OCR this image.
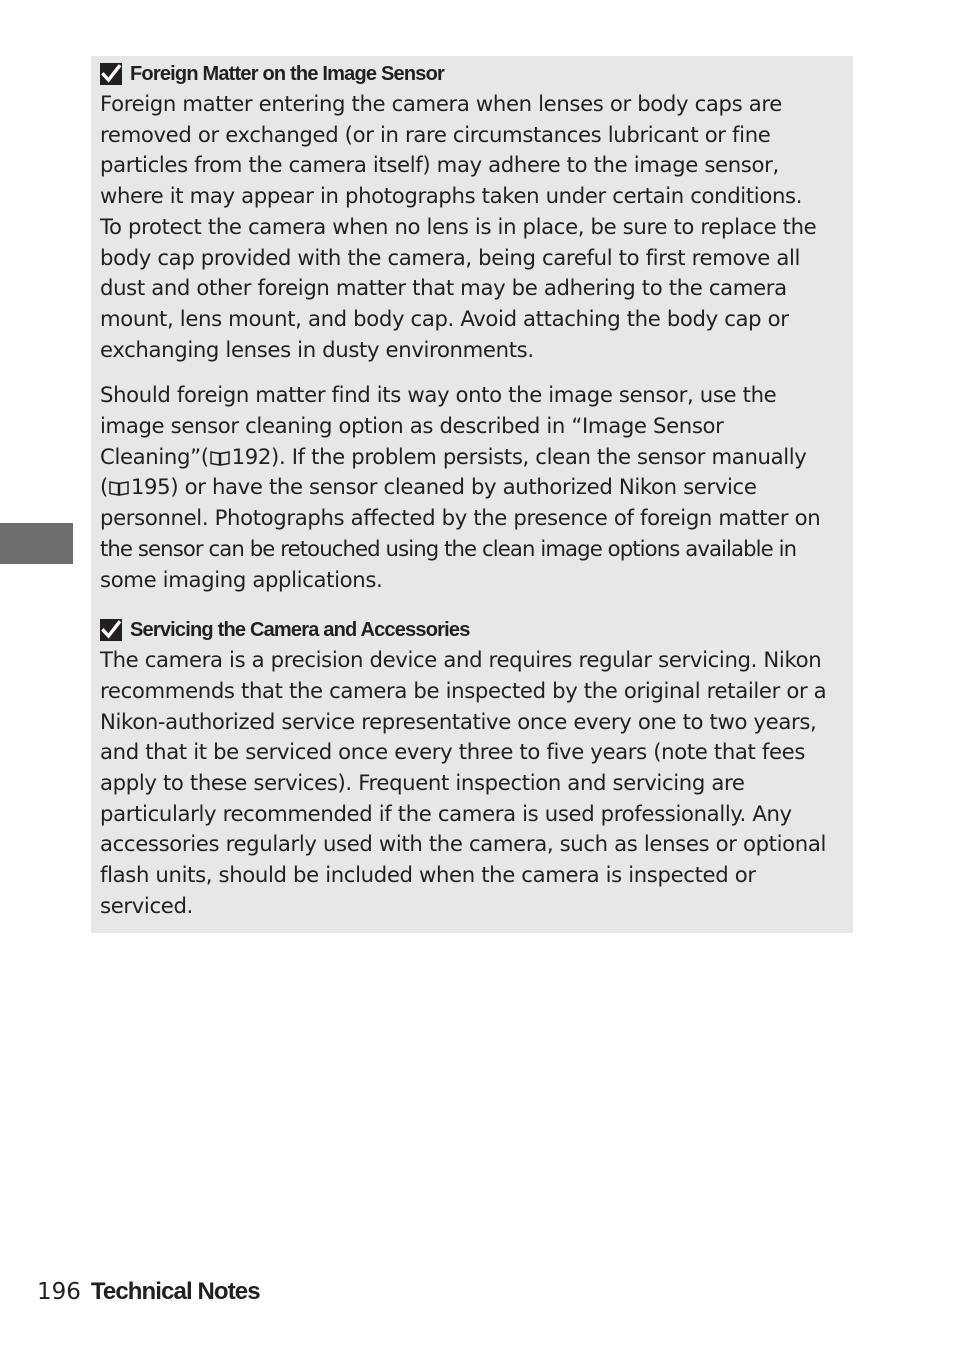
Foreign Matter on the Image Sensor

Foreign matter entering the camera when lenses or body caps are
removed or exchanged (or in rare circumstances lubricant or fine
particles from the camera itself) may adhere to the image sensor,
where it may appear in photographs taken under certain conditions.
To protect the camera when no lens is in place, be sure to replace the
body cap provided with the camera, being careful to first remove all
dust and other foreign matter that may be adhering to the camera
mount, lens mount, and body cap. Avoid attaching the body cap or
exchanging lenses in dusty environments.

Should foreign matter find its way onto the image sensor, use the
image sensor cleaning option as described in “Image Sensor
Cleaning”( 192). If the problem persists, clean the sensor manually
( 195) or have the sensor cleaned by authorized Nikon service
personnel. Photographs affected by the presence of foreign matter on
the sensor can be retouched using the clean image options available in
some imaging applications.

Servicing the Camera and Accessories

The camera is a precision device and requires regular servicing. Nikon
recommends that the camera be inspected by the original retailer or a
Nikon-authorized service representative once every one to two years,
and that it be serviced once every three to five years (note that fees
apply to these services). Frequent inspection and servicing are
particularly recommended if the camera is used professionally. Any
accessories regularly used with the camera, such as lenses or optional
flash units, should be included when the camera is inspected or
serviced.

196 Technical Notes
